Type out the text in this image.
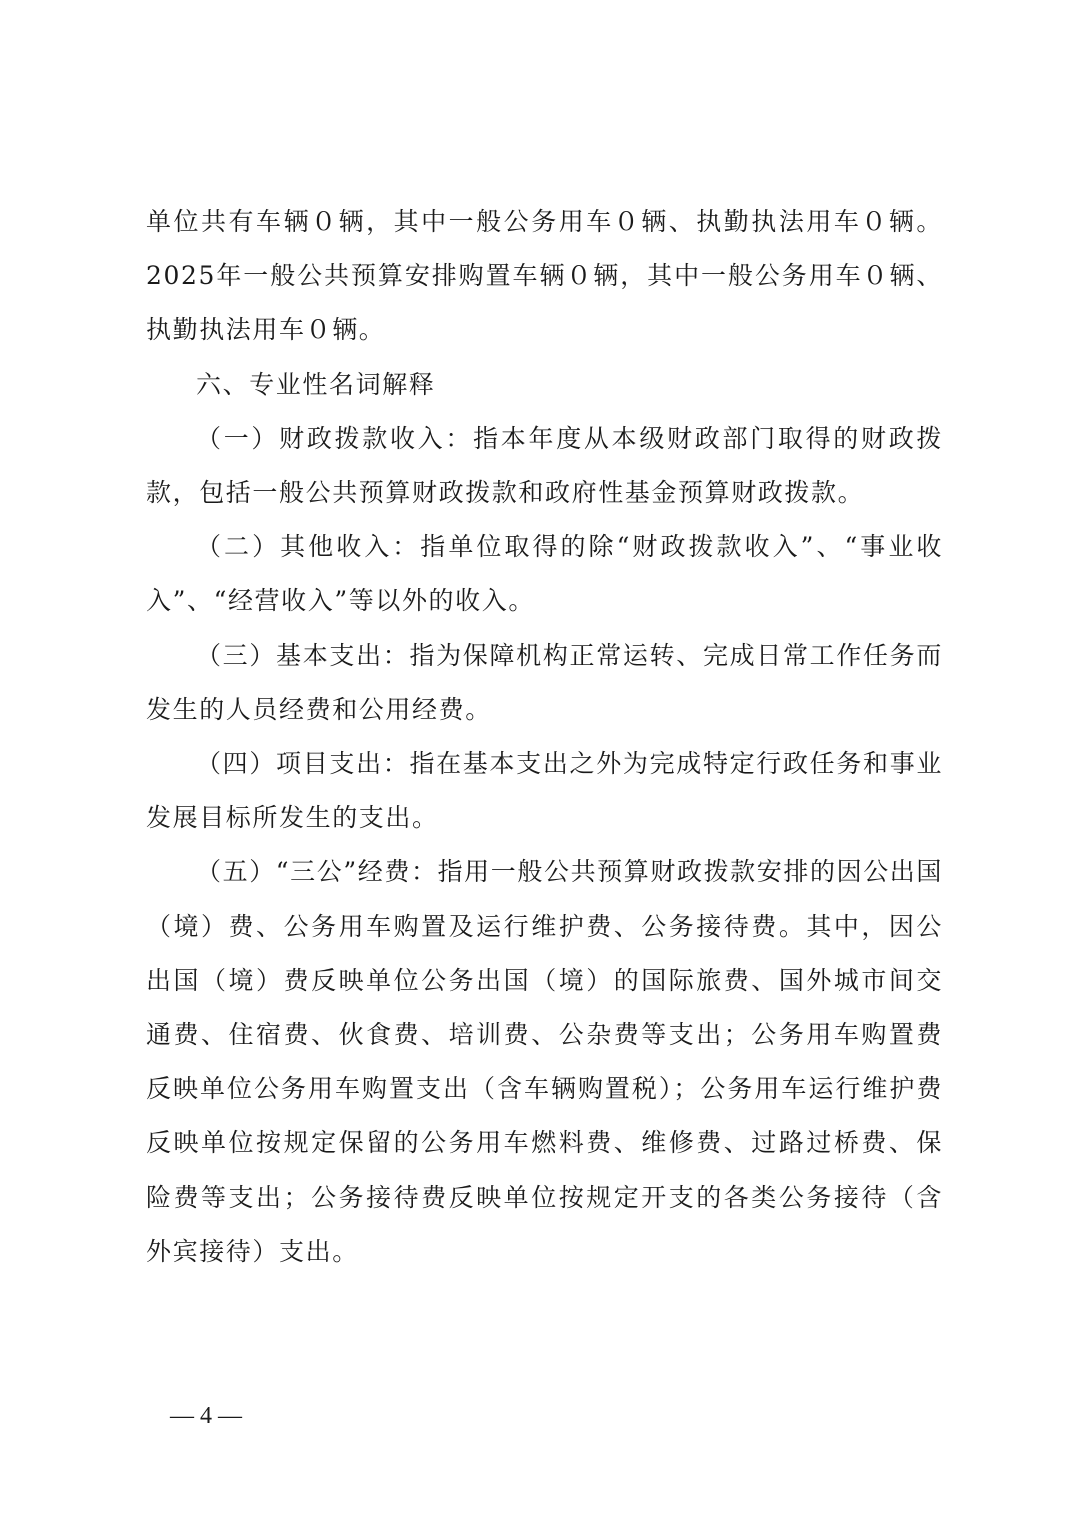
单位共有车辆０辆，其中一般公务用车０辆、执勤执法用车０辆。2025年一般公共预算安排购置车辆０辆，其中一般公务用车０辆、执勤执法用车０辆。

六、专业性名词解释

（一）财政拨款收入：指本年度从本级财政部门取得的财政拨款，包括一般公共预算财政拨款和政府性基金预算财政拨款。

（二）其他收入：指单位取得的除“财政拨款收入”、“事业收入”、“经营收入”等以外的收入。

（三）基本支出：指为保障机构正常运转、完成日常工作任务而发生的人员经费和公用经费。

（四）项目支出：指在基本支出之外为完成特定行政任务和事业发展目标所发生的支出。

（五）“三公”经费：指用一般公共预算财政拨款安排的因公出国（境）费、公务用车购置及运行维护费、公务接待费。其中，因公出国（境）费反映单位公务出国（境）的国际旅费、国外城市间交通费、住宿费、伙食费、培训费、公杂费等支出；公务用车购置费反映单位公务用车购置支出（含车辆购置税）；公务用车运行维护费反映单位按规定保留的公务用车燃料费、维修费、过路过桥费、保险费等支出；公务接待费反映单位按规定开支的各类公务接待（含外宾接待）支出。

— 4 —
